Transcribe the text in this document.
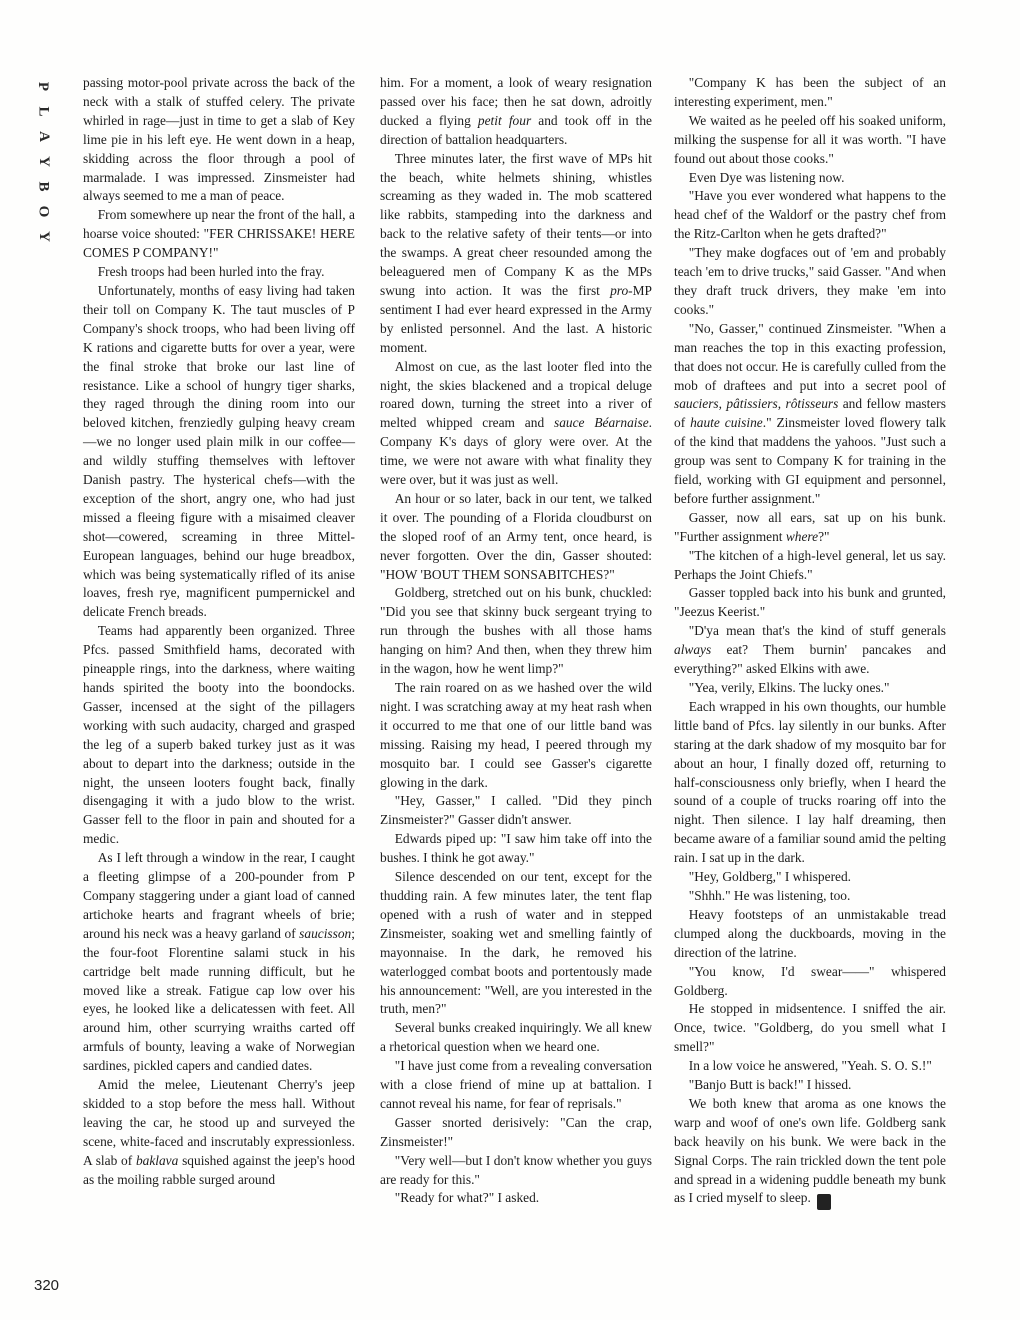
P
L
A
Y
B
O
Y
320

passing motor-pool private across the back of the neck with a stalk of stuffed celery. The private whirled in rage—just in time to get a slab of Key lime pie in his left eye. He went down in a heap, skidding across the floor through a pool of marmalade. I was impressed. Zinsmeister had always seemed to me a man of peace.

From somewhere up near the front of the hall, a hoarse voice shouted: "FER CHRISSAKE! HERE COMES P COMPANY!"

Fresh troops had been hurled into the fray.

Unfortunately, months of easy living had taken their toll on Company K. The taut muscles of P Company's shock troops, who had been living off K rations and cigarette butts for over a year, were the final stroke that broke our last line of resistance. Like a school of hungry tiger sharks, they raged through the dining room into our beloved kitchen, frenziedly gulping heavy cream—we no longer used plain milk in our coffee—and wildly stuffing themselves with leftover Danish pastry. The hysterical chefs—with the exception of the short, angry one, who had just missed a fleeing figure with a misaimed cleaver shot—cowered, screaming in three Mittel-European languages, behind our huge breadbox, which was being systematically rifled of its anise loaves, fresh rye, magnificent pumpernickel and delicate French breads.

Teams had apparently been organized. Three Pfcs. passed Smithfield hams, decorated with pineapple rings, into the darkness, where waiting hands spirited the booty into the boondocks. Gasser, incensed at the sight of the pillagers working with such audacity, charged and grasped the leg of a superb baked turkey just as it was about to depart into the darkness; outside in the night, the unseen looters fought back, finally disengaging it with a judo blow to the wrist. Gasser fell to the floor in pain and shouted for a medic.

As I left through a window in the rear, I caught a fleeting glimpse of a 200-pounder from P Company staggering under a giant load of canned artichoke hearts and fragrant wheels of brie; around his neck was a heavy garland of saucisson; the four-foot Florentine salami stuck in his cartridge belt made running difficult, but he moved like a streak. Fatigue cap low over his eyes, he looked like a delicatessen with feet. All around him, other scurrying wraiths carted off armfuls of bounty, leaving a wake of Norwegian sardines, pickled capers and candied dates.

Amid the melee, Lieutenant Cherry's jeep skidded to a stop before the mess hall. Without leaving the car, he stood up and surveyed the scene, white-faced and inscrutably expressionless. A slab of baklava squished against the jeep's hood as the moiling rabble surged around

him. For a moment, a look of weary resignation passed over his face; then he sat down, adroitly ducked a flying petit four and took off in the direction of battalion headquarters.

Three minutes later, the first wave of MPs hit the beach, white helmets shining, whistles screaming as they waded in. The mob scattered like rabbits, stampeding into the darkness and back to the relative safety of their tents—or into the swamps. A great cheer resounded among the beleaguered men of Company K as the MPs swung into action. It was the first pro-MP sentiment I had ever heard expressed in the Army by enlisted personnel. And the last. A historic moment.

Almost on cue, as the last looter fled into the night, the skies blackened and a tropical deluge roared down, turning the street into a river of melted whipped cream and sauce Béarnaise. Company K's days of glory were over. At the time, we were not aware with what finality they were over, but it was just as well.

An hour or so later, back in our tent, we talked it over. The pounding of a Florida cloudburst on the sloped roof of an Army tent, once heard, is never forgotten. Over the din, Gasser shouted: "HOW 'BOUT THEM SONSABITCHES?"

Goldberg, stretched out on his bunk, chuckled: "Did you see that skinny buck sergeant trying to run through the bushes with all those hams hanging on him? And then, when they threw him in the wagon, how he went limp?"

The rain roared on as we hashed over the wild night. I was scratching away at my heat rash when it occurred to me that one of our little band was missing. Raising my head, I peered through my mosquito bar. I could see Gasser's cigarette glowing in the dark.

"Hey, Gasser," I called. "Did they pinch Zinsmeister?" Gasser didn't answer.

Edwards piped up: "I saw him take off into the bushes. I think he got away."

Silence descended on our tent, except for the thudding rain. A few minutes later, the tent flap opened with a rush of water and in stepped Zinsmeister, soaking wet and smelling faintly of mayonnaise. In the dark, he removed his waterlogged combat boots and portentously made his announcement: "Well, are you interested in the truth, men?"

Several bunks creaked inquiringly. We all knew a rhetorical question when we heard one.

"I have just come from a revealing conversation with a close friend of mine up at battalion. I cannot reveal his name, for fear of reprisals."

Gasser snorted derisively: "Can the crap, Zinsmeister!"

"Very well—but I don't know whether you guys are ready for this."

"Ready for what?" I asked.

"Company K has been the subject of an interesting experiment, men."

We waited as he peeled off his soaked uniform, milking the suspense for all it was worth. "I have found out about those cooks."

Even Dye was listening now.

"Have you ever wondered what happens to the head chef of the Waldorf or the pastry chef from the Ritz-Carlton when he gets drafted?"

"They make dogfaces out of 'em and probably teach 'em to drive trucks," said Gasser. "And when they draft truck drivers, they make 'em into cooks."

"No, Gasser," continued Zinsmeister. "When a man reaches the top in this exacting profession, that does not occur. He is carefully culled from the mob of draftees and put into a secret pool of sauciers, pâtissiers, rôtisseurs and fellow masters of haute cuisine." Zinsmeister loved flowery talk of the kind that maddens the yahoos. "Just such a group was sent to Company K for training in the field, working with GI equipment and personnel, before further assignment."

Gasser, now all ears, sat up on his bunk. "Further assignment where?"

"The kitchen of a high-level general, let us say. Perhaps the Joint Chiefs."

Gasser toppled back into his bunk and grunted, "Jeezus Keerist."

"D'ya mean that's the kind of stuff generals always eat? Them burnin' pancakes and everything?" asked Elkins with awe.

"Yea, verily, Elkins. The lucky ones."

Each wrapped in his own thoughts, our humble little band of Pfcs. lay silently in our bunks. After staring at the dark shadow of my mosquito bar for about an hour, I finally dozed off, returning to half-consciousness only briefly, when I heard the sound of a couple of trucks roaring off into the night. Then silence. I lay half dreaming, then became aware of a familiar sound amid the pelting rain. I sat up in the dark.

"Hey, Goldberg," I whispered.

"Shhh." He was listening, too.

Heavy footsteps of an unmistakable tread clumped along the duckboards, moving in the direction of the latrine.

"You know, I'd swear——" whispered Goldberg.

He stopped in midsentence. I sniffed the air. Once, twice. "Goldberg, do you smell what I smell?"

In a low voice he answered, "Yeah. S. O. S.!"

"Banjo Butt is back!" I hissed.

We both knew that aroma as one knows the warp and woof of one's own life. Goldberg sank back heavily on his bunk. We were back in the Signal Corps. The rain trickled down the tent pole and spread in a widening puddle beneath my bunk as I cried myself to sleep. ♦
